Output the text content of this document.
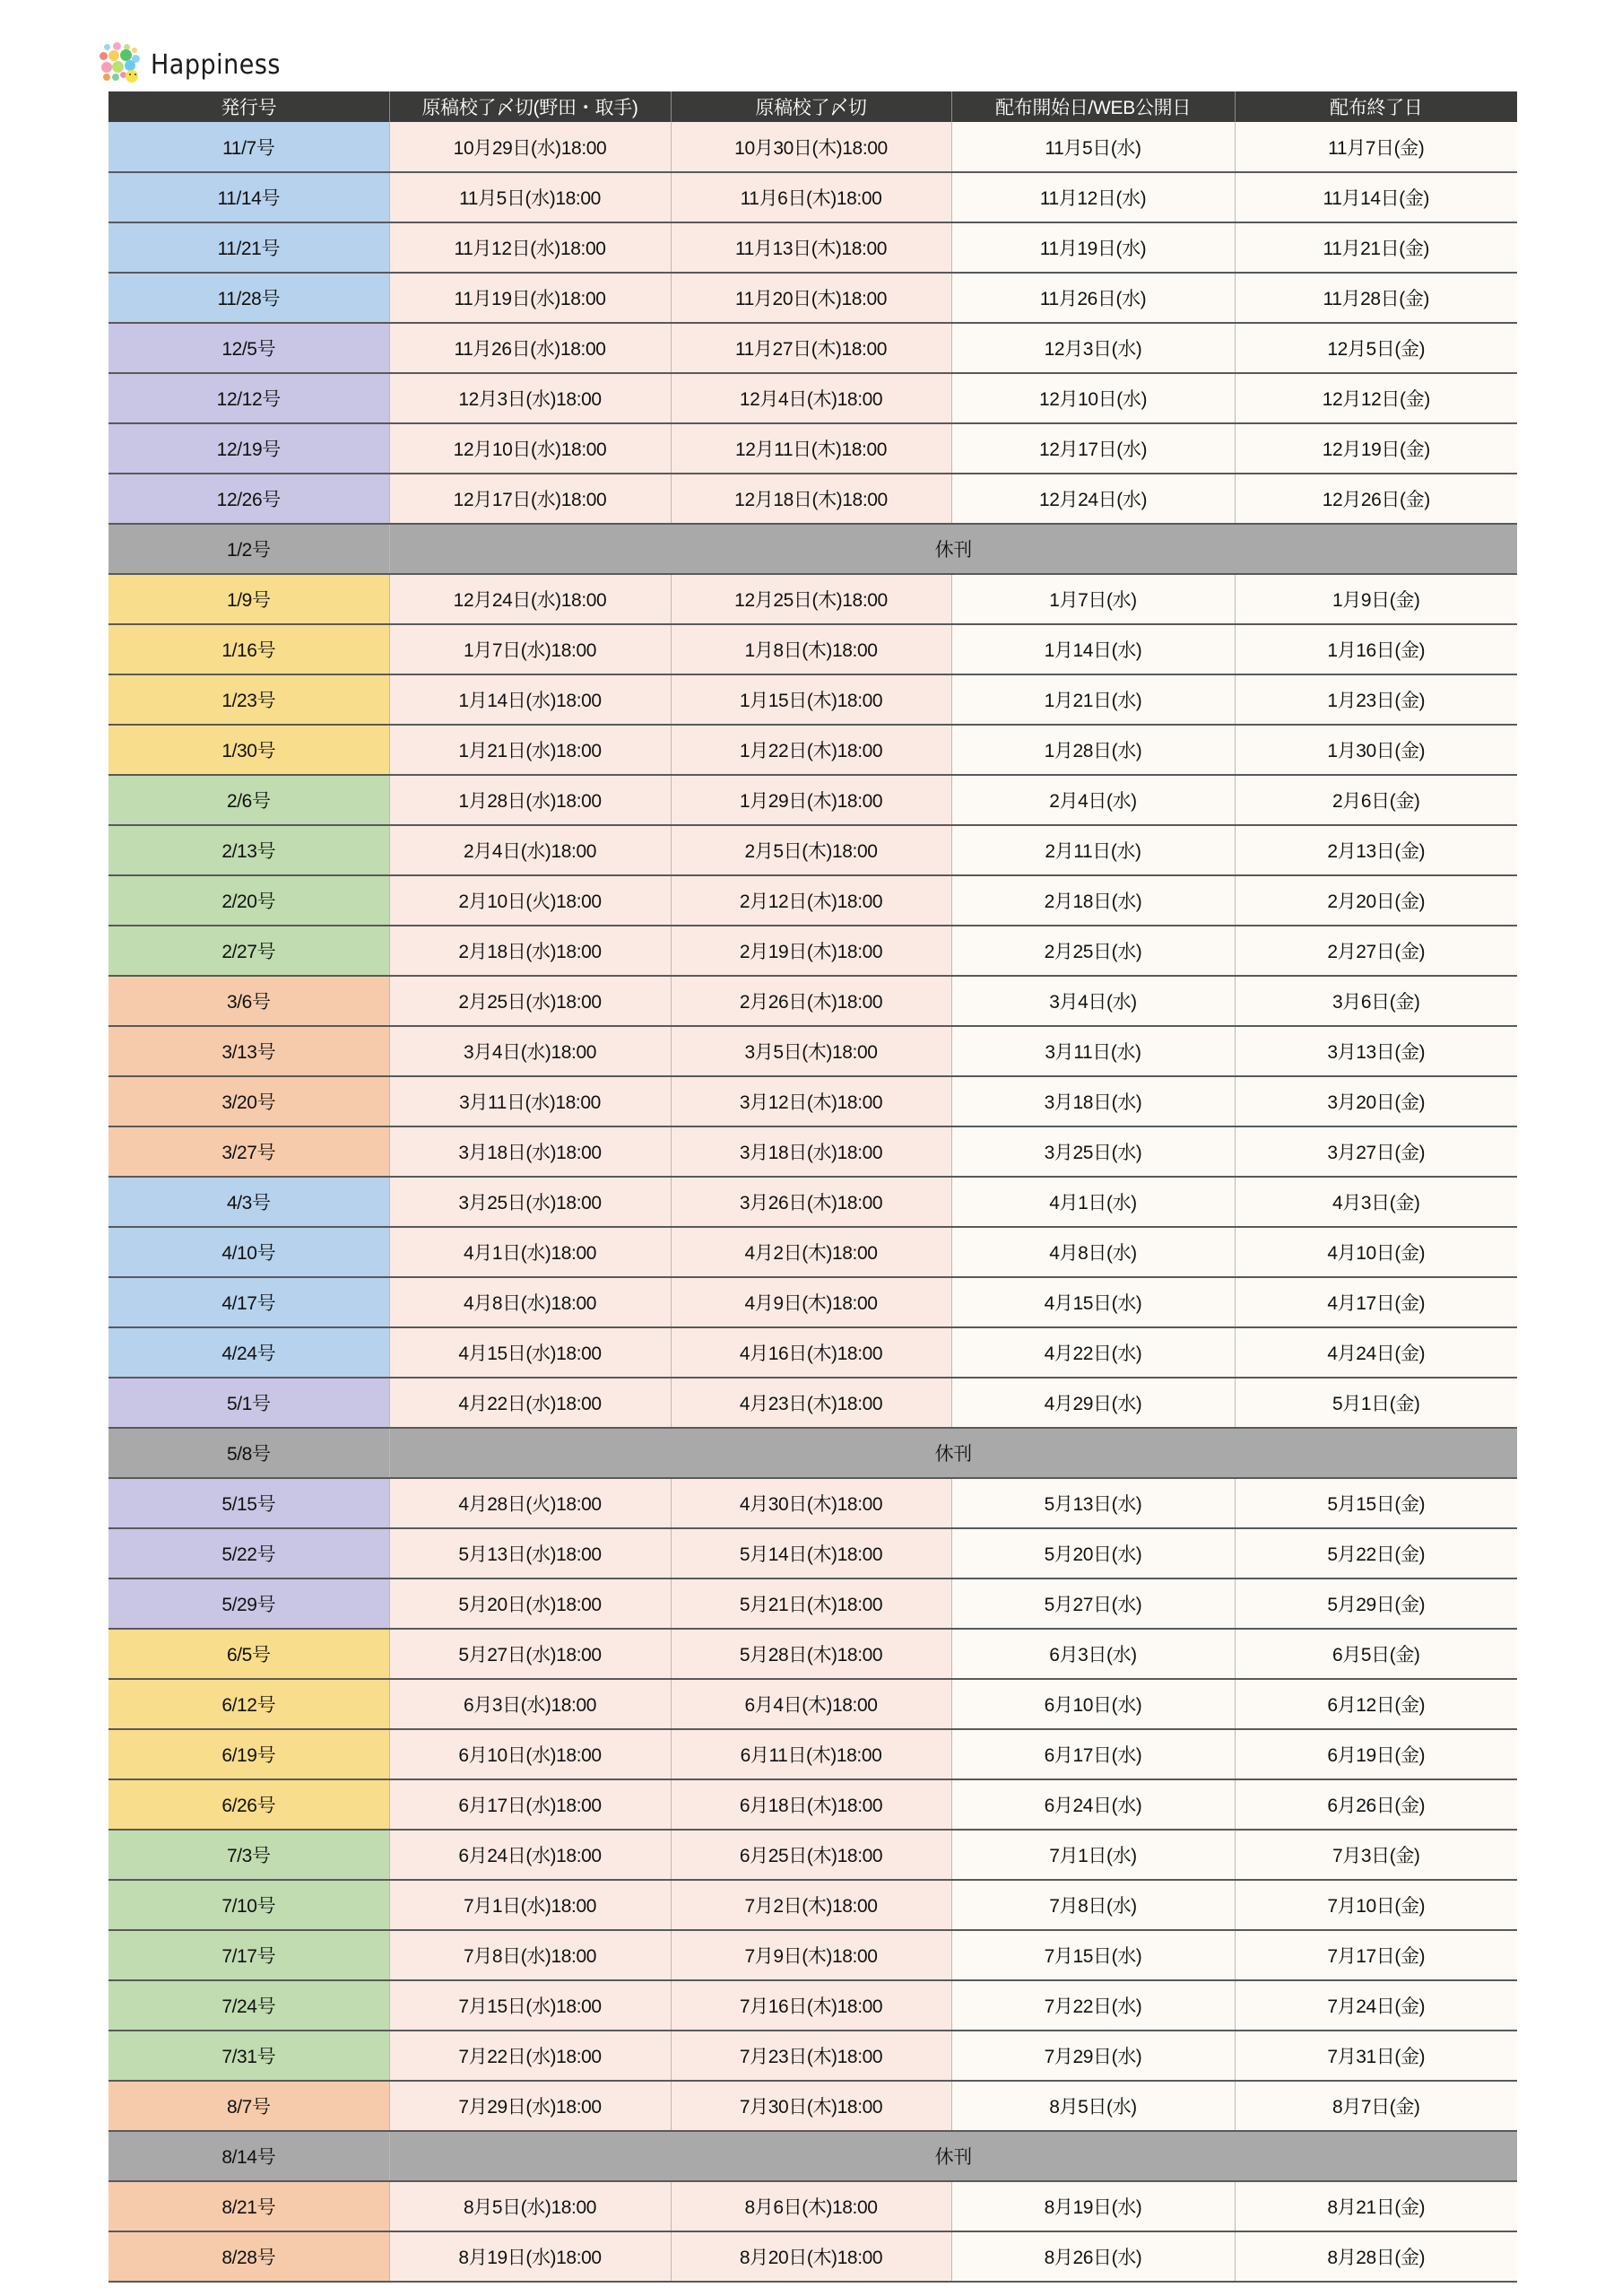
Happiness
発行号	原稿校了〆切(野田・取手)	原稿校了〆切	配布開始日/WEB公開日	配布終了日
11/7号	10月29日(水)18:00	10月30日(木)18:00	11月5日(水)	11月7日(金)
11/14号	11月5日(水)18:00	11月6日(木)18:00	11月12日(水)	11月14日(金)
11/21号	11月12日(水)18:00	11月13日(木)18:00	11月19日(水)	11月21日(金)
11/28号	11月19日(水)18:00	11月20日(木)18:00	11月26日(水)	11月28日(金)
12/5号	11月26日(水)18:00	11月27日(木)18:00	12月3日(水)	12月5日(金)
12/12号	12月3日(水)18:00	12月4日(木)18:00	12月10日(水)	12月12日(金)
12/19号	12月10日(水)18:00	12月11日(木)18:00	12月17日(水)	12月19日(金)
12/26号	12月17日(水)18:00	12月18日(木)18:00	12月24日(水)	12月26日(金)
1/2号	休刊			
1/9号	12月24日(水)18:00	12月25日(木)18:00	1月7日(水)	1月9日(金)
1/16号	1月7日(水)18:00	1月8日(木)18:00	1月14日(水)	1月16日(金)
1/23号	1月14日(水)18:00	1月15日(木)18:00	1月21日(水)	1月23日(金)
1/30号	1月21日(水)18:00	1月22日(木)18:00	1月28日(水)	1月30日(金)
2/6号	1月28日(水)18:00	1月29日(木)18:00	2月4日(水)	2月6日(金)
2/13号	2月4日(水)18:00	2月5日(木)18:00	2月11日(水)	2月13日(金)
2/20号	2月10日(火)18:00	2月12日(木)18:00	2月18日(水)	2月20日(金)
2/27号	2月18日(水)18:00	2月19日(木)18:00	2月25日(水)	2月27日(金)
3/6号	2月25日(水)18:00	2月26日(木)18:00	3月4日(水)	3月6日(金)
3/13号	3月4日(水)18:00	3月5日(木)18:00	3月11日(水)	3月13日(金)
3/20号	3月11日(水)18:00	3月12日(木)18:00	3月18日(水)	3月20日(金)
3/27号	3月18日(水)18:00	3月18日(水)18:00	3月25日(水)	3月27日(金)
4/3号	3月25日(水)18:00	3月26日(木)18:00	4月1日(水)	4月3日(金)
4/10号	4月1日(水)18:00	4月2日(木)18:00	4月8日(水)	4月10日(金)
4/17号	4月8日(水)18:00	4月9日(木)18:00	4月15日(水)	4月17日(金)
4/24号	4月15日(水)18:00	4月16日(木)18:00	4月22日(水)	4月24日(金)
5/1号	4月22日(水)18:00	4月23日(木)18:00	4月29日(水)	5月1日(金)
5/8号	休刊			
5/15号	4月28日(火)18:00	4月30日(木)18:00	5月13日(水)	5月15日(金)
5/22号	5月13日(水)18:00	5月14日(木)18:00	5月20日(水)	5月22日(金)
5/29号	5月20日(水)18:00	5月21日(木)18:00	5月27日(水)	5月29日(金)
6/5号	5月27日(水)18:00	5月28日(木)18:00	6月3日(水)	6月5日(金)
6/12号	6月3日(水)18:00	6月4日(木)18:00	6月10日(水)	6月12日(金)
6/19号	6月10日(水)18:00	6月11日(木)18:00	6月17日(水)	6月19日(金)
6/26号	6月17日(水)18:00	6月18日(木)18:00	6月24日(水)	6月26日(金)
7/3号	6月24日(水)18:00	6月25日(木)18:00	7月1日(水)	7月3日(金)
7/10号	7月1日(水)18:00	7月2日(木)18:00	7月8日(水)	7月10日(金)
7/17号	7月8日(水)18:00	7月9日(木)18:00	7月15日(水)	7月17日(金)
7/24号	7月15日(水)18:00	7月16日(木)18:00	7月22日(水)	7月24日(金)
7/31号	7月22日(水)18:00	7月23日(木)18:00	7月29日(水)	7月31日(金)
8/7号	7月29日(水)18:00	7月30日(木)18:00	8月5日(水)	8月7日(金)
8/14号	休刊			
8/21号	8月5日(水)18:00	8月6日(木)18:00	8月19日(水)	8月21日(金)
8/28号	8月19日(水)18:00	8月20日(木)18:00	8月26日(水)	8月28日(金)
